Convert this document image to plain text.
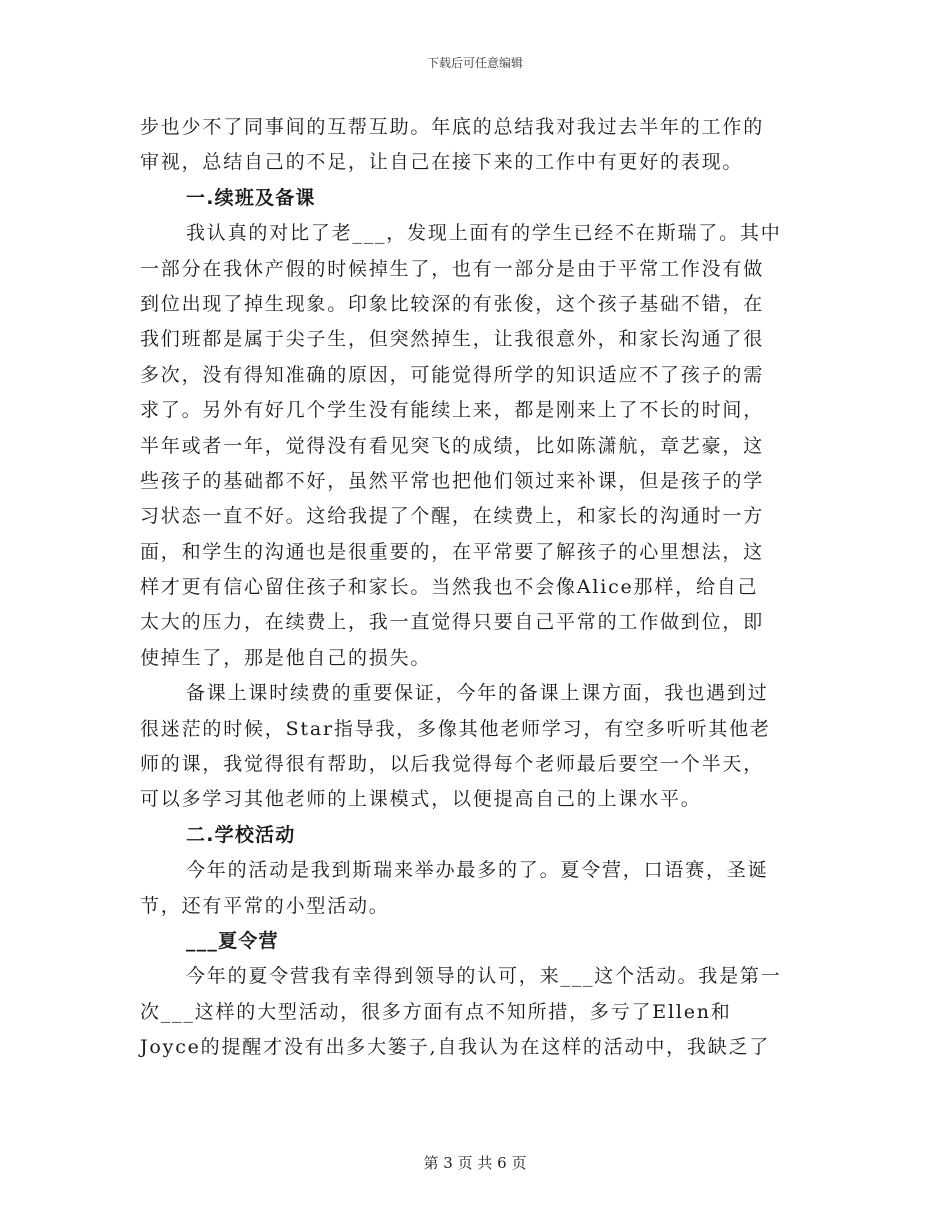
下载后可任意编辑
步也少不了同事间的互帮互助。年底的总结我对我过去半年的工作的
审视，总结自己的不足，让自己在接下来的工作中有更好的表现。
一.续班及备课
我认真的对比了老___，发现上面有的学生已经不在斯瑞了。其中
一部分在我休产假的时候掉生了，也有一部分是由于平常工作没有做
到位出现了掉生现象。印象比较深的有张俊，这个孩子基础不错，在
我们班都是属于尖子生，但突然掉生，让我很意外，和家长沟通了很
多次，没有得知准确的原因，可能觉得所学的知识适应不了孩子的需
求了。另外有好几个学生没有能续上来，都是刚来上了不长的时间，
半年或者一年，觉得没有看见突飞的成绩，比如陈潇航，章艺豪，这
些孩子的基础都不好，虽然平常也把他们领过来补课，但是孩子的学
习状态一直不好。这给我提了个醒，在续费上，和家长的沟通时一方
面，和学生的沟通也是很重要的，在平常要了解孩子的心里想法，这
样才更有信心留住孩子和家长。当然我也不会像Alice那样，给自己
太大的压力，在续费上，我一直觉得只要自己平常的工作做到位，即
使掉生了，那是他自己的损失。
备课上课时续费的重要保证，今年的备课上课方面，我也遇到过
很迷茫的时候，Star指导我，多像其他老师学习，有空多听听其他老
师的课，我觉得很有帮助，以后我觉得每个老师最后要空一个半天，
可以多学习其他老师的上课模式，以便提高自己的上课水平。
二.学校活动
今年的活动是我到斯瑞来举办最多的了。夏令营，口语赛，圣诞
节，还有平常的小型活动。
___夏令营
今年的夏令营我有幸得到领导的认可，来___这个活动。我是第一
次___这样的大型活动，很多方面有点不知所措，多亏了Ellen和
Joyce的提醒才没有出多大篓子,自我认为在这样的活动中，我缺乏了
第 3 页 共 6 页
